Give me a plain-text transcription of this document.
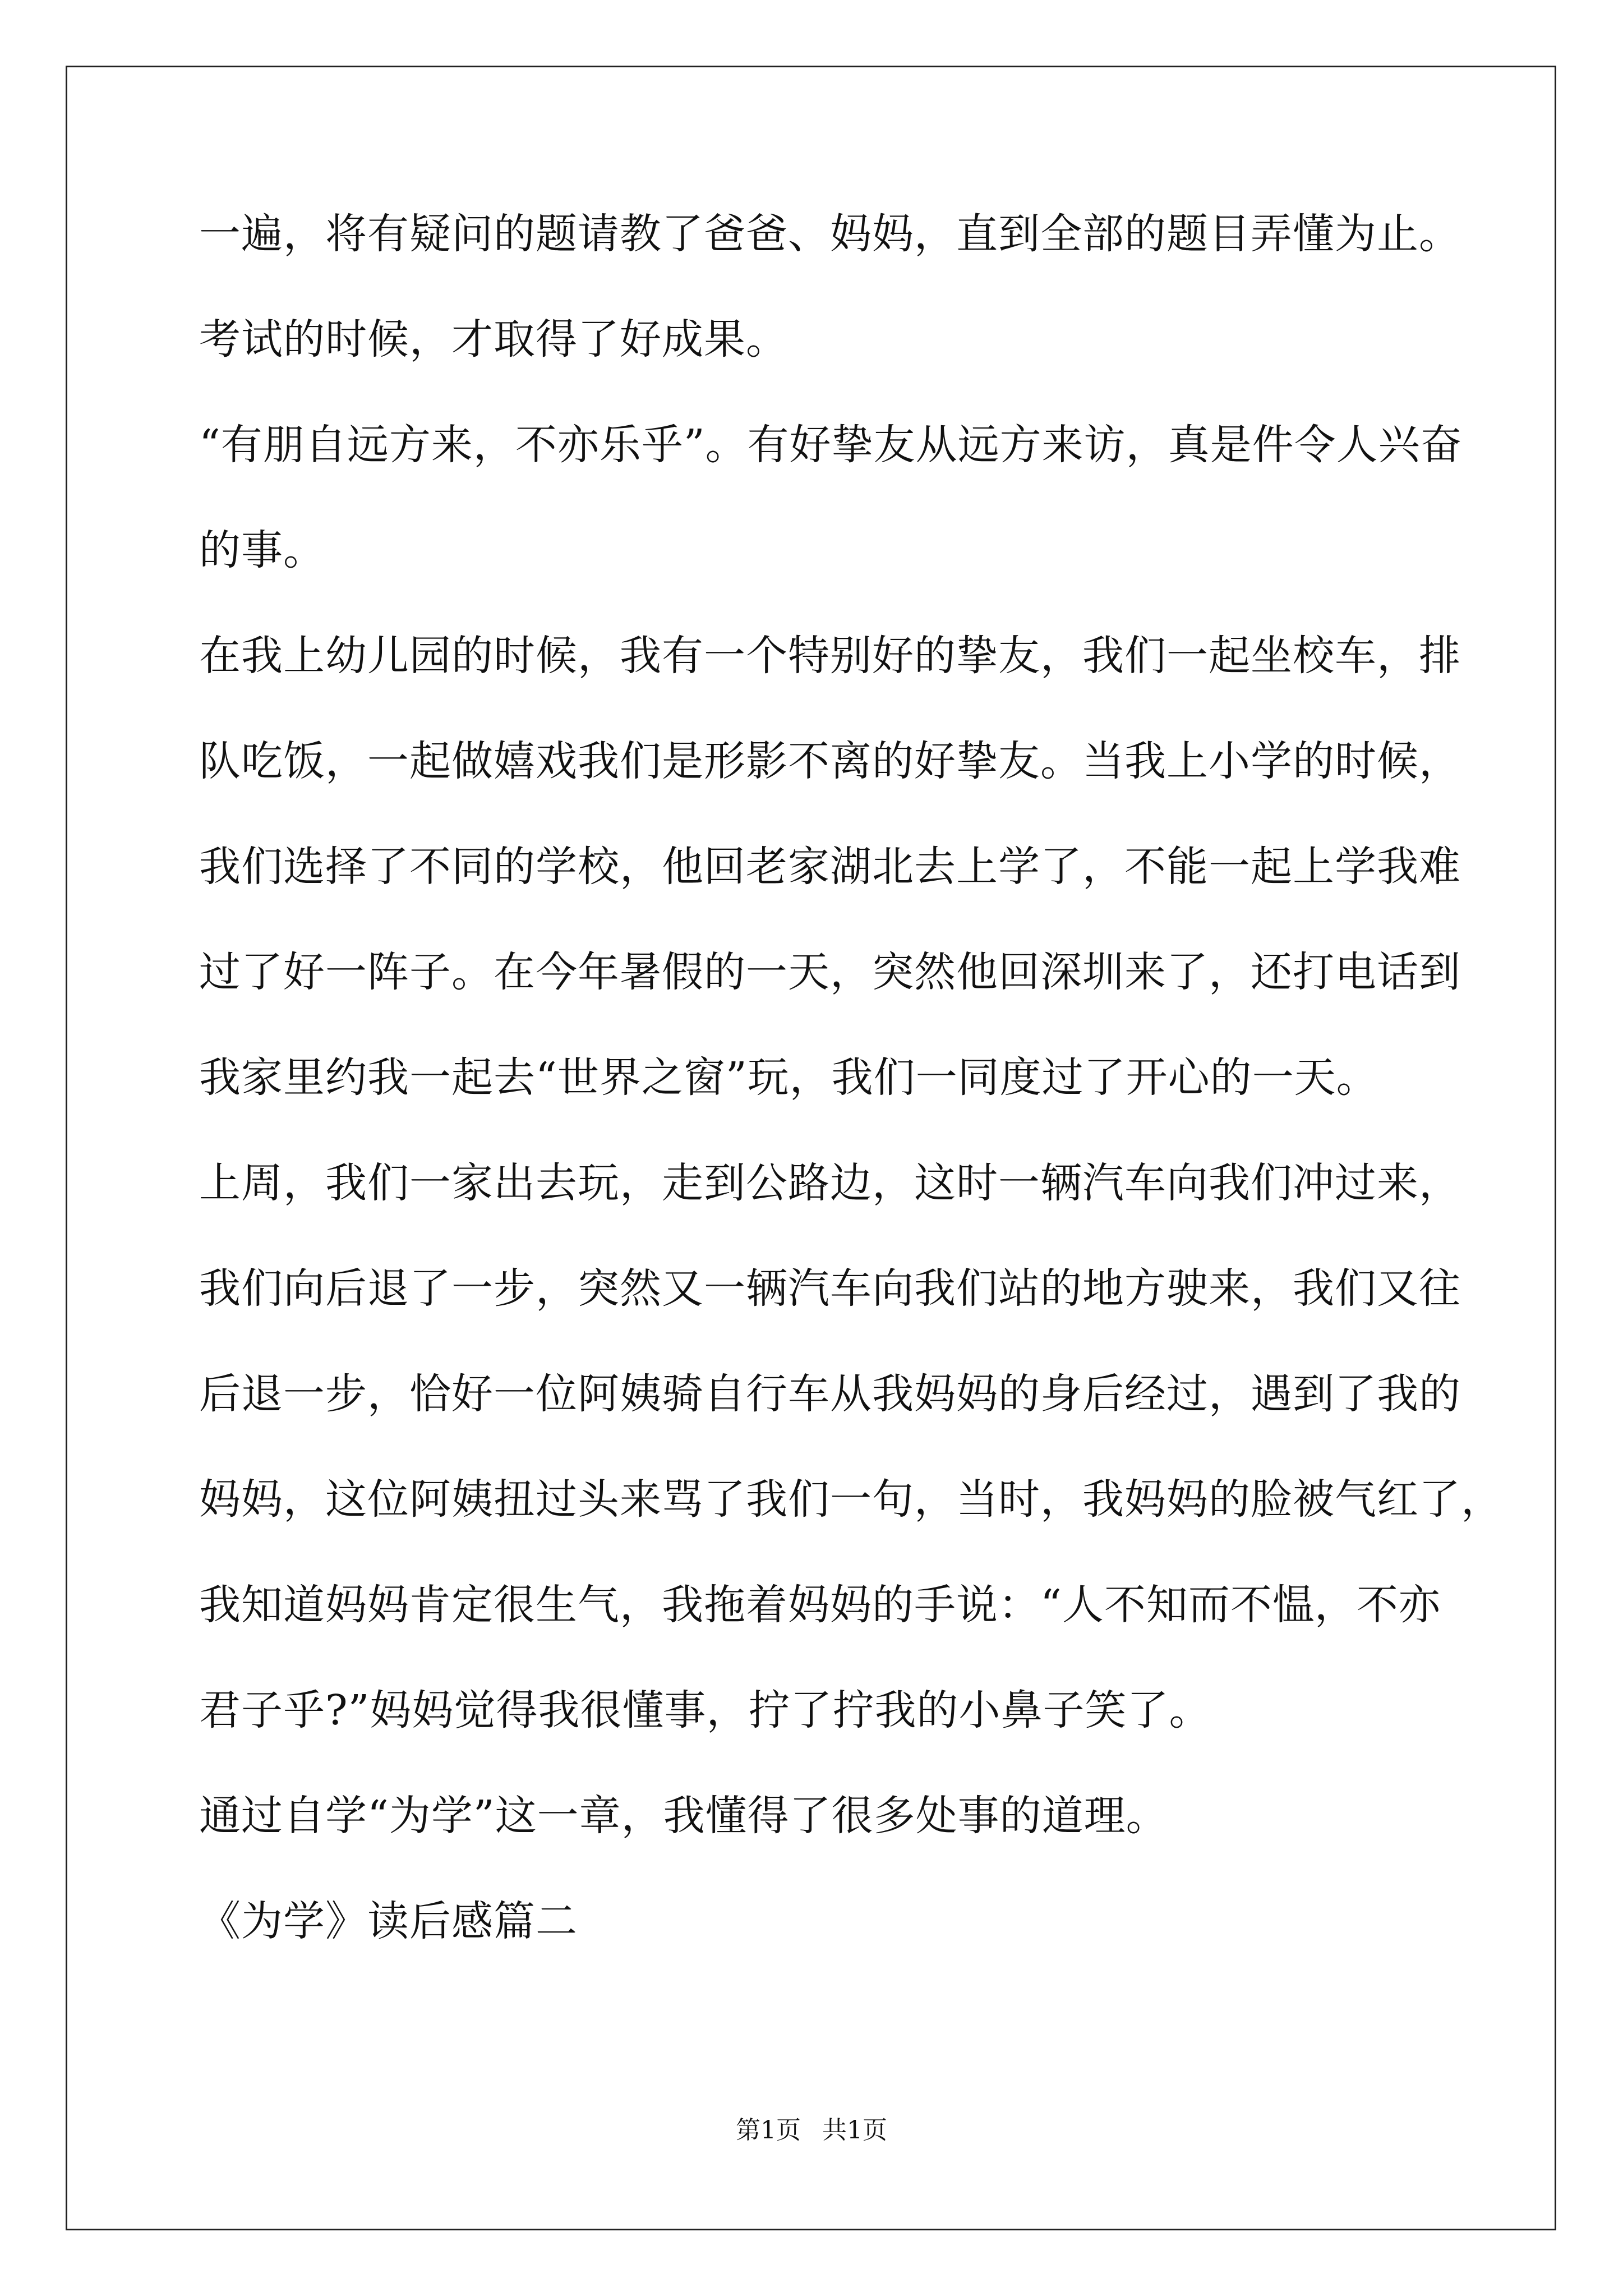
一遍，将有疑问的题请教了爸爸、妈妈，直到全部的题目弄懂为止。
考试的时候，才取得了好成果。
“有朋自远方来，不亦乐乎”。有好挚友从远方来访，真是件令人兴奋
的事。
在我上幼儿园的时候，我有一个特别好的挚友，我们一起坐校车，排
队吃饭，一起做嬉戏我们是形影不离的好挚友。当我上小学的时候，
我们选择了不同的学校，他回老家湖北去上学了，不能一起上学我难
过了好一阵子。在今年暑假的一天，突然他回深圳来了，还打电话到
我家里约我一起去“世界之窗”玩，我们一同度过了开心的一天。
上周，我们一家出去玩，走到公路边，这时一辆汽车向我们冲过来，
我们向后退了一步，突然又一辆汽车向我们站的地方驶来，我们又往
后退一步，恰好一位阿姨骑自行车从我妈妈的身后经过，遇到了我的
妈妈，这位阿姨扭过头来骂了我们一句，当时，我妈妈的脸被气红了，
我知道妈妈肯定很生气，我拖着妈妈的手说：“人不知而不愠，不亦
君子乎?”妈妈觉得我很懂事，拧了拧我的小鼻子笑了。
通过自学“为学”这一章，我懂得了很多处事的道理。
《为学》读后感篇二
第1页 共1页
